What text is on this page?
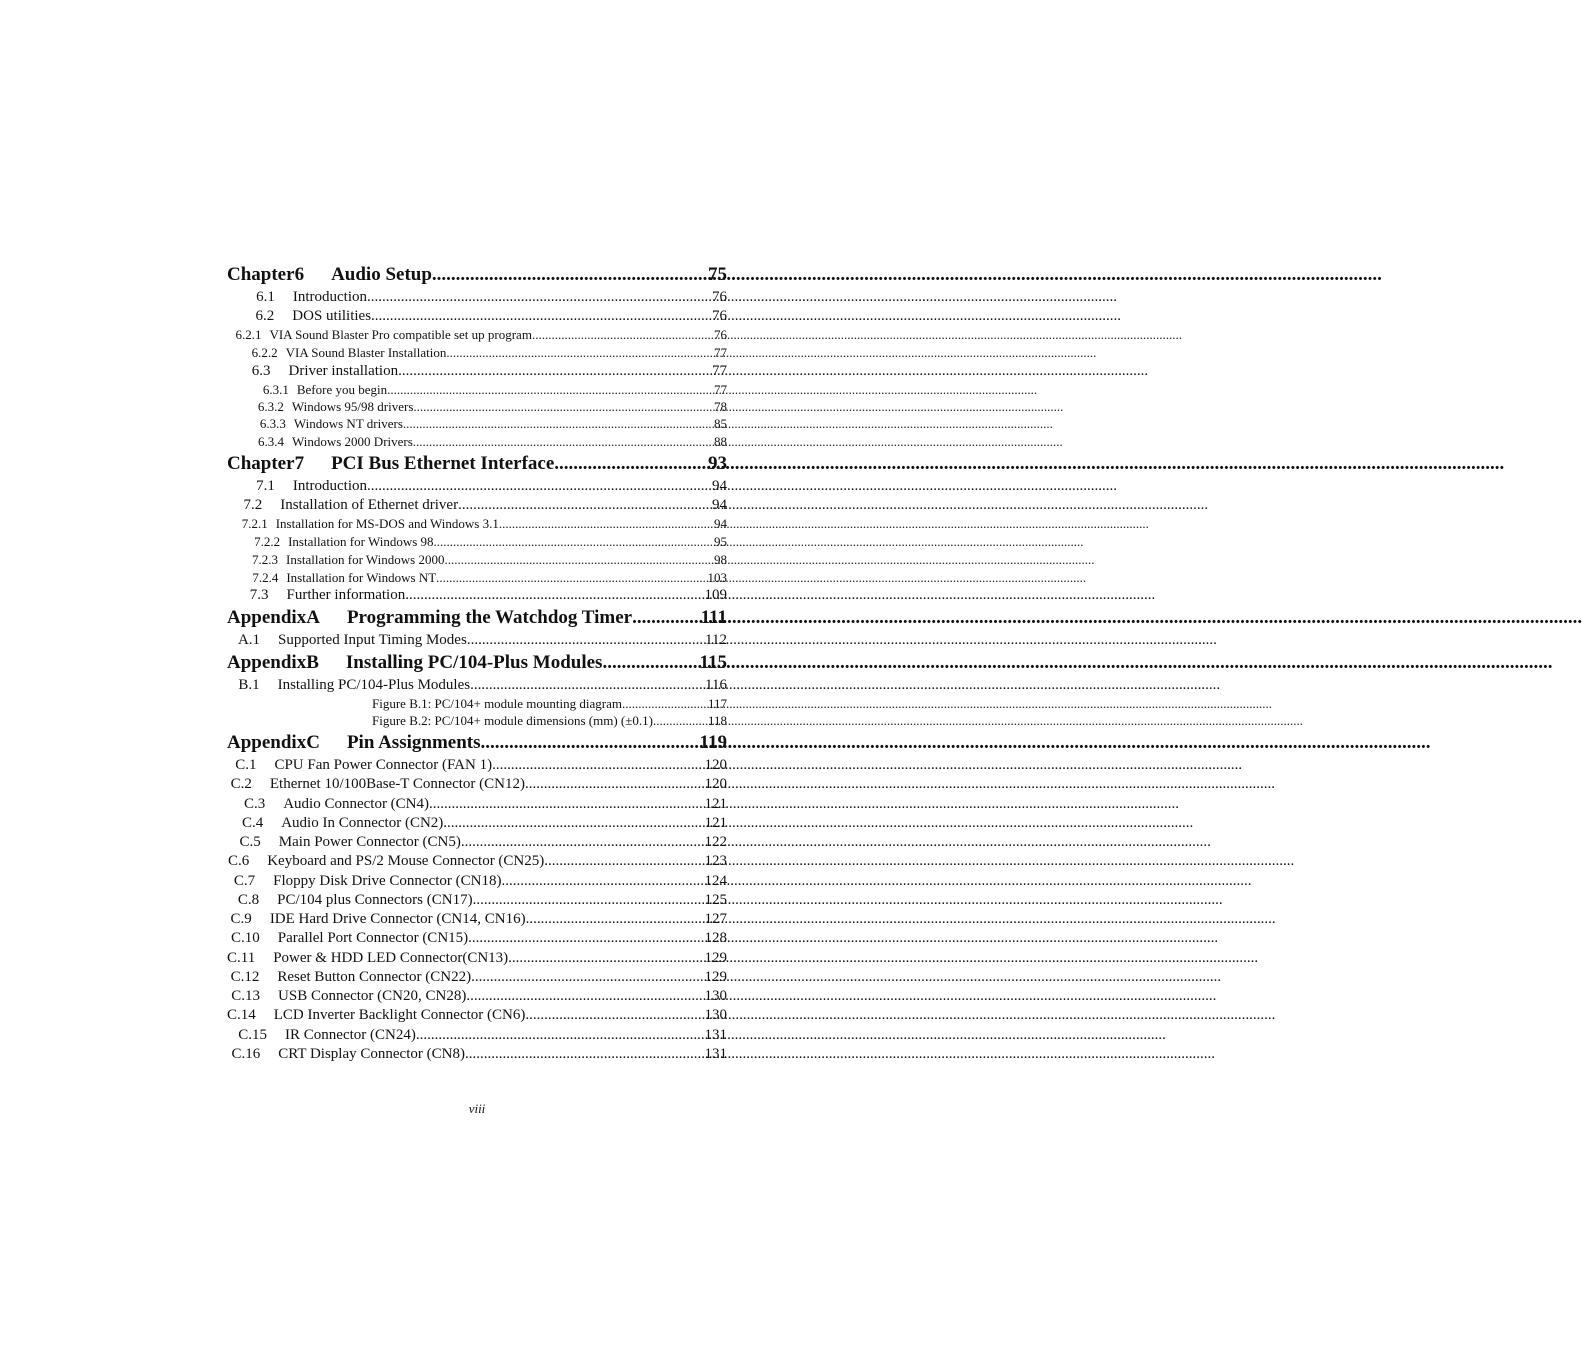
Chapter 6 Audio Setup .....	75
6.1 Introduction .....	76
6.2 DOS utilities .....	76
6.2.1 VIA Sound Blaster Pro compatible set up program .....	76
6.2.2 VIA Sound Blaster Installation .....	77
6.3 Driver installation .....	77
6.3.1 Before you begin .....	77
6.3.2 Windows 95/98 drivers .....	78
6.3.3 Windows NT drivers .....	85
6.3.4 Windows 2000 Drivers .....	88
Chapter 7 PCI Bus Ethernet Interface .....	93
7.1 Introduction .....	94
7.2 Installation of Ethernet driver .....	94
7.2.1 Installation for MS-DOS and Windows 3.1 .....	94
7.2.2 Installation for Windows 98 .....	95
7.2.3 Installation for Windows 2000 .....	98
7.2.4 Installation for Windows NT .....	103
7.3 Further information .....	109
Appendix A Programming the Watchdog Timer .....	111
A.1 Supported Input Timing Modes .....	112
Appendix B Installing PC/104-Plus Modules .....	115
B.1 Installing PC/104-Plus Modules .....	116
Figure B.1: PC/104+ module mounting diagram .....	117
Figure B.2: PC/104+ module dimensions (mm) (±0.1) .....	118
Appendix C Pin Assignments .....	119
C.1 CPU Fan Power Connector (FAN 1) .....	120
C.2 Ethernet 10/100Base-T Connector (CN12) .....	120
C.3 Audio Connector (CN4) .....	121
C.4 Audio In Connector (CN2) .....	121
C.5 Main Power Connector (CN5) .....	122
C.6 Keyboard and PS/2 Mouse Connector (CN25) .....	123
C.7 Floppy Disk Drive Connector (CN18) .....	124
C.8 PC/104 plus Connectors (CN17) .....	125
C.9 IDE Hard Drive Connector (CN14, CN16) .....	127
C.10 Parallel Port Connector (CN15) .....	128
C.11 Power & HDD LED Connector(CN13) .....	129
C.12 Reset Button Connector (CN22) .....	129
C.13 USB Connector (CN20, CN28) .....	130
C.14 LCD Inverter Backlight Connector (CN6) .....	130
C.15 IR Connector (CN24) .....	131
C.16 CRT Display Connector (CN8) .....	131
viii
